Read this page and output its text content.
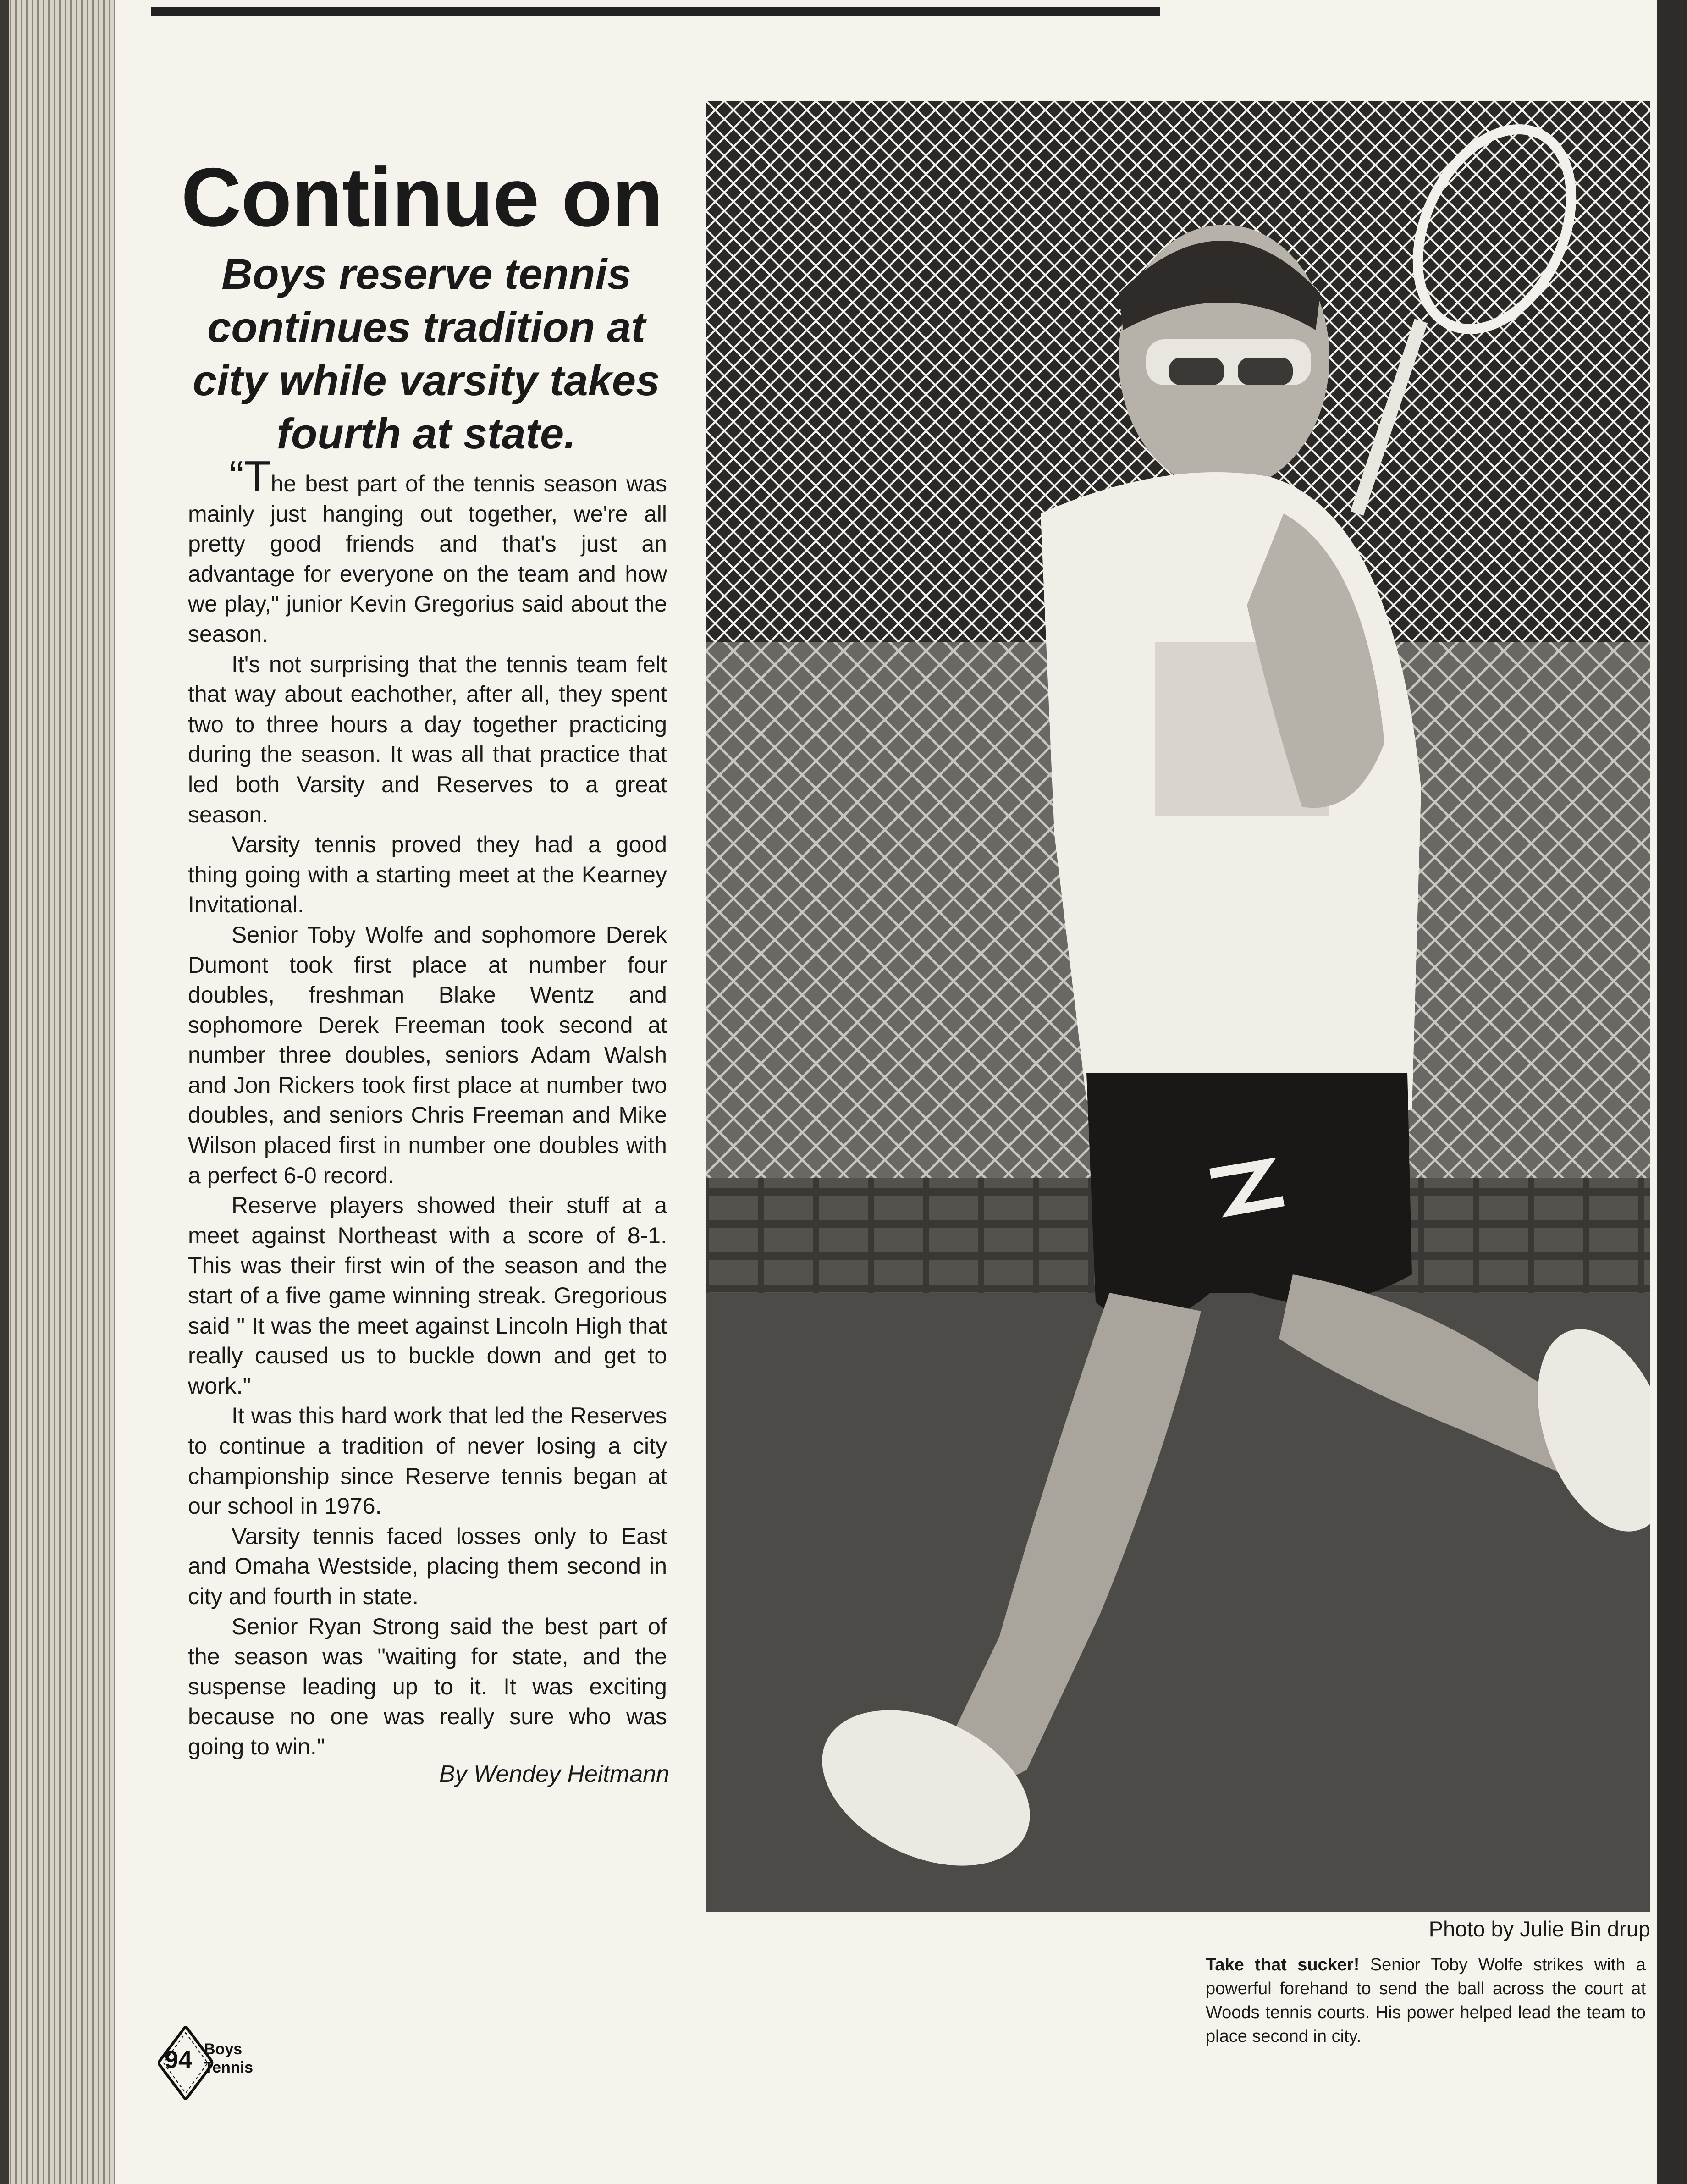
Continue on
Boys reserve tennis continues tradition at city while varsity takes fourth at state.

“The best part of the tennis season was mainly just hanging out together, we're all pretty good friends and that's just an advantage for everyone on the team and how we play," junior Kevin Gregorius said about the season.

It's not surprising that the tennis team felt that way about eachother, after all, they spent two to three hours a day together practicing during the season. It was all that practice that led both Varsity and Reserves to a great season.

Varsity tennis proved they had a good thing going with a starting meet at the Kearney Invitational.

Senior Toby Wolfe and sophomore Derek Dumont took first place at number four doubles, freshman Blake Wentz and sophomore Derek Freeman took second at number three doubles, seniors Adam Walsh and Jon Rickers took first place at number two doubles, and seniors Chris Freeman and Mike Wilson placed first in number one doubles with a perfect 6-0 record.

Reserve players showed their stuff at a meet against Northeast with a score of 8-1. This was their first win of the season and the start of a five game winning streak. Gregorious said " It was the meet against Lincoln High that really caused us to buckle down and get to work."

It was this hard work that led the Reserves to continue a tradition of never losing a city championship since Reserve tennis began at our school in 1976.

Varsity tennis faced losses only to East and Omaha Westside, placing them second in city and fourth in state.

Senior Ryan Strong said the best part of the season was "waiting for state, and the suspense leading up to it. It was exciting because no one was really sure who was going to win."

By Wendey Heitmann

Photo by Julie Bin drup

Take that sucker! Senior Toby Wolfe strikes with a powerful forehand to send the ball across the court at Woods tennis courts. His power helped lead the team to place second in city.
94 Boys
Tennis
